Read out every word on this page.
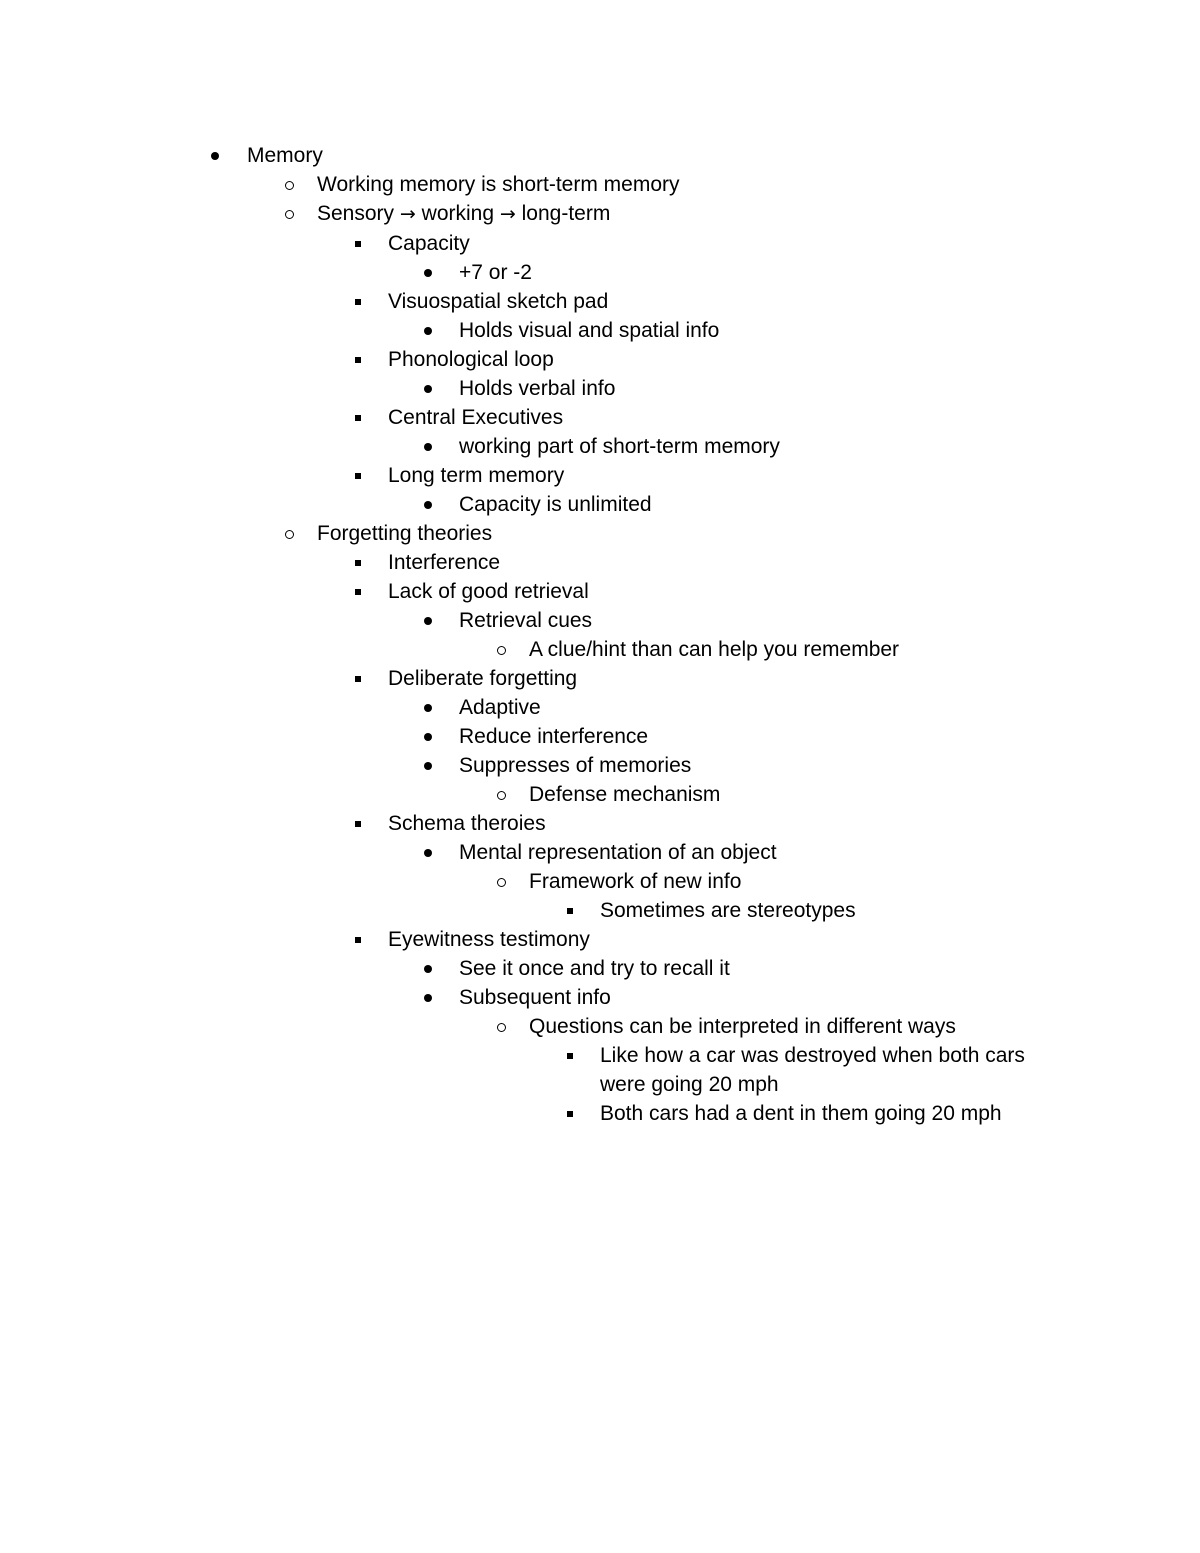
Memory
Working memory is short-term memory
Sensory → working → long-term
Capacity
+7 or -2
Visuospatial sketch pad
Holds visual and spatial info
Phonological loop
Holds verbal info
Central Executives
working part of short-term memory
Long term memory
Capacity is unlimited
Forgetting theories
Interference
Lack of good retrieval
Retrieval cues
A clue/hint than can help you remember
Deliberate forgetting
Adaptive
Reduce interference
Suppresses of memories
Defense mechanism
Schema theroies
Mental representation of an object
Framework of new info
Sometimes are stereotypes
Eyewitness testimony
See it once and try to recall it
Subsequent info
Questions can be interpreted in different ways
Like how a car was destroyed when both cars were going 20 mph
Both cars had a dent in them going 20 mph
